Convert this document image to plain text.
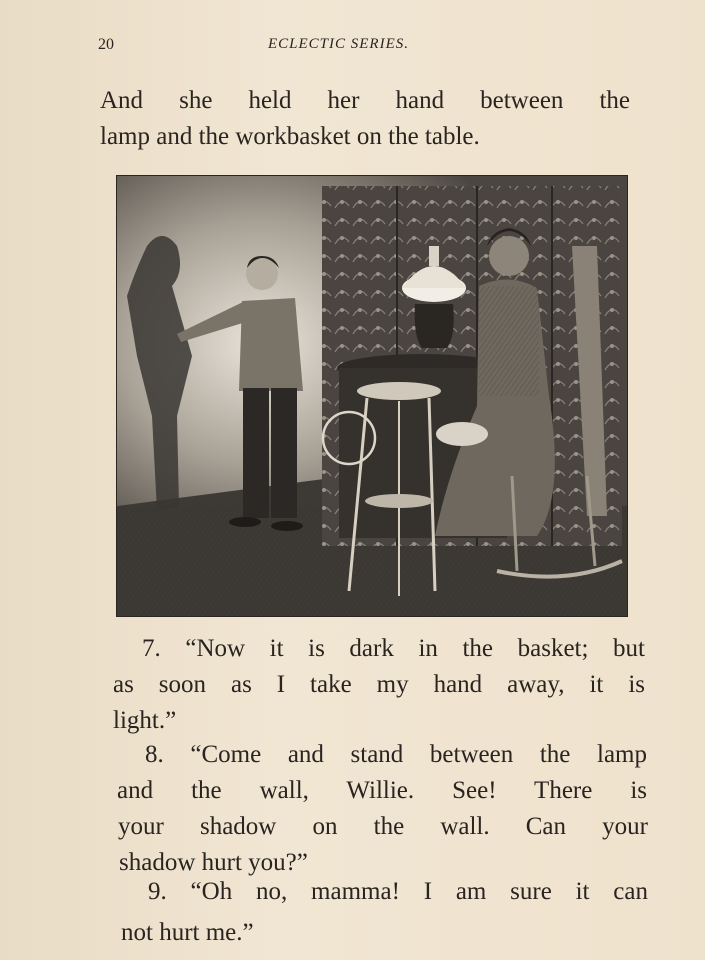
20	ECLECTIC SERIES.
And she held her hand between the
lamp and the workbasket on the table.
7. “Now it is dark in the basket; but
as soon as I take my hand away, it is
light.”
8. “Come and stand between the lamp
and the wall, Willie. See! There is
your shadow on the wall. Can your
shadow hurt you?”
9. “Oh no, mamma! I am sure it can
not hurt me.”
